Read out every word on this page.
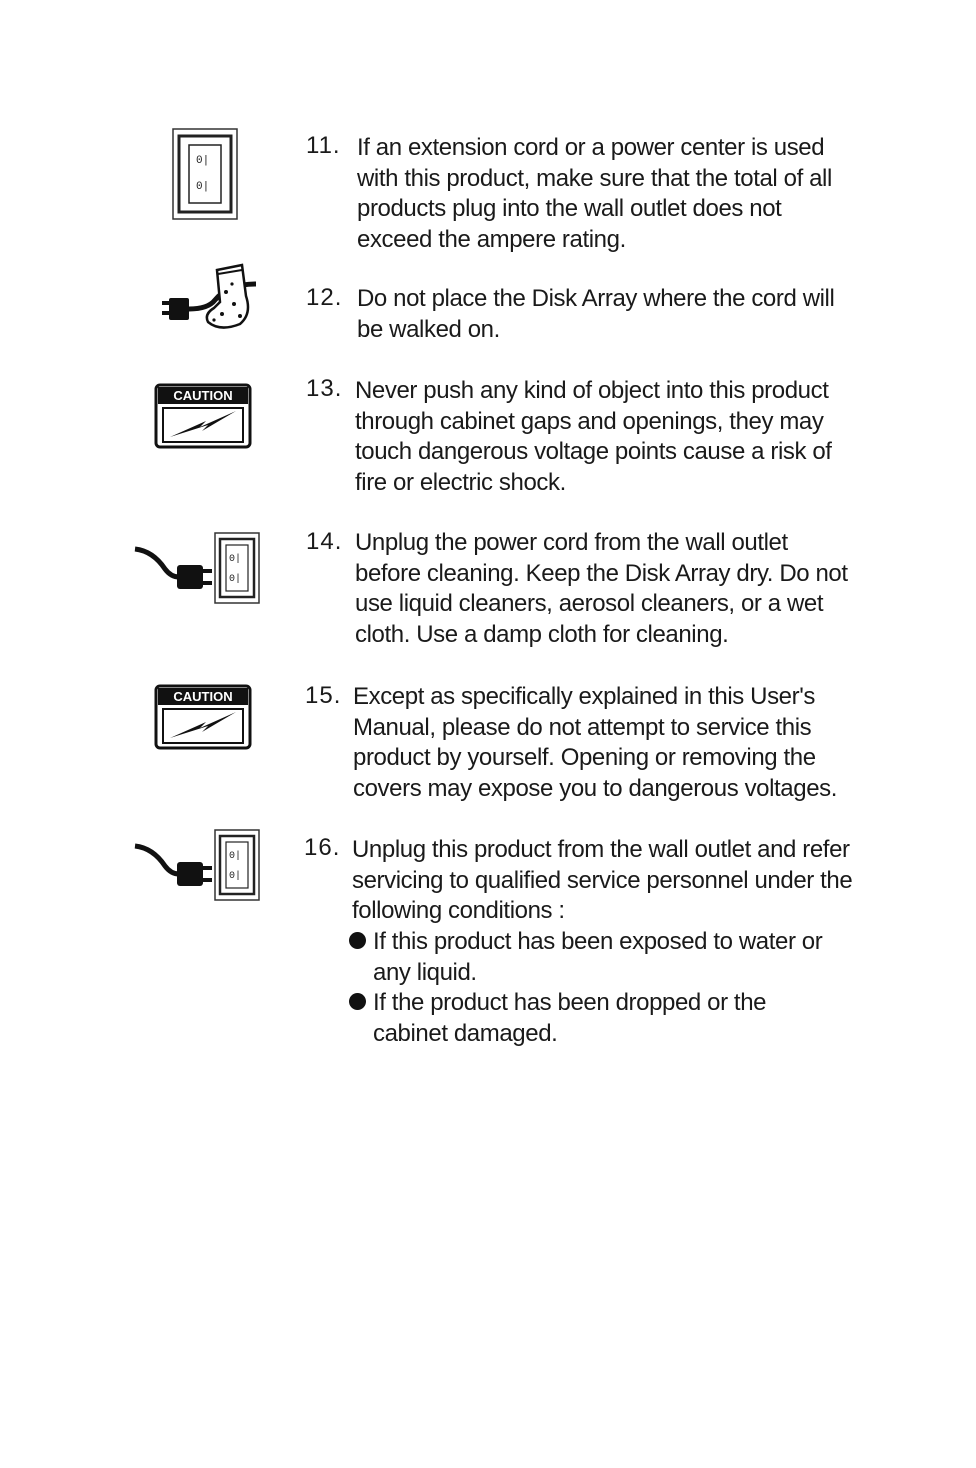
0|
0|
11. If an extension cord or a power center is used
with this product, make sure that the total of all
products plug into the wall outlet does not
exceed the ampere rating.
12. Do not place the Disk Array where the cord will
be walked on.
CAUTION	13. Never push any kind of object into this product
through cabinet gaps and openings, they may
touch dangerous voltage points cause a risk of
fire or electric shock.
0|
0|
14. Unplug the power cord from the wall outlet
before cleaning. Keep the Disk Array dry. Do not
use liquid cleaners, aerosol cleaners, or a wet
cloth. Use a damp cloth for cleaning.
CAUTION	15. Except as specifically explained in this User's
Manual, please do not attempt to service this
product by yourself. Opening or removing the
covers may expose you to dangerous voltages.
0|
0|
16. Unplug this product from the wall outlet and refer
servicing to qualified service personnel under the
following conditions :
If this product has been exposed to water or
any liquid.
If the product has been dropped or the
cabinet damaged.
